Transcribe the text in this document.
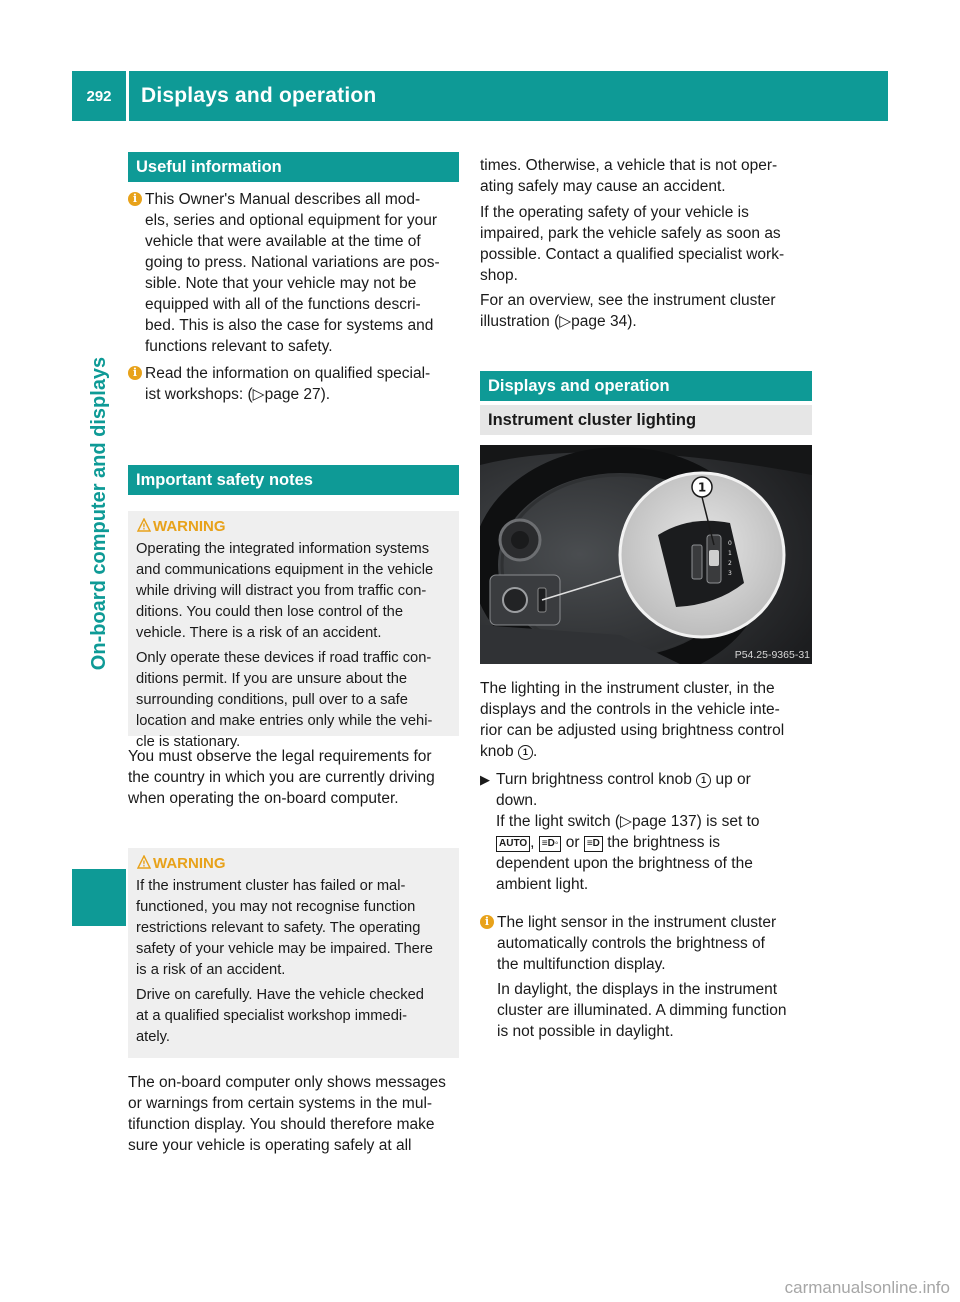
292	Displays and operation
On-board computer and displays
Useful information
i This Owner's Manual describes all mod-
els, series and optional equipment for your
vehicle that were available at the time of
going to press. National variations are pos-
sible. Note that your vehicle may not be
equipped with all of the functions descri-
bed. This is also the case for systems and
functions relevant to safety.

i Read the information on qualified special-
ist workshops: (▷page 27).

Important safety notes
! WARNING

Operating the integrated information systems
and communications equipment in the vehicle
while driving will distract you from traffic con-
ditions. You could then lose control of the
vehicle. There is a risk of an accident.

Only operate these devices if road traffic con-
ditions permit. If you are unsure about the
surrounding conditions, pull over to a safe
location and make entries only while the vehi-
cle is stationary.

You must observe the legal requirements for
the country in which you are currently driving
when operating the on-board computer.

! WARNING

If the instrument cluster has failed or mal-
functioned, you may not recognise function
restrictions relevant to safety. The operating
safety of your vehicle may be impaired. There
is a risk of an accident.

Drive on carefully. Have the vehicle checked
at a qualified specialist workshop immedi-
ately.

The on-board computer only shows messages
or warnings from certain systems in the mul-
tifunction display. You should therefore make
sure your vehicle is operating safely at all

times. Otherwise, a vehicle that is not oper-
ating safely may cause an accident.

If the operating safety of your vehicle is
impaired, park the vehicle safely as soon as
possible. Contact a qualified specialist work-
shop.

For an overview, see the instrument cluster
illustration (▷page 34).

Displays and operation
Instrument cluster lighting
0
1
2
3
1
P54.25-9365-31

The lighting in the instrument cluster, in the
displays and the controls in the vehicle inte-
rior can be adjusted using brightness control
knob 1 .

▶ Turn brightness control knob 1 up or
down.
If the light switch (▷page 137) is set to
AUTO , ≡D◦ or ≡D the brightness is
dependent upon the brightness of the
ambient light.

i The light sensor in the instrument cluster
automatically controls the brightness of
the multifunction display.

In daylight, the displays in the instrument
cluster are illuminated. A dimming function
is not possible in daylight.

carmanualsonline.info
